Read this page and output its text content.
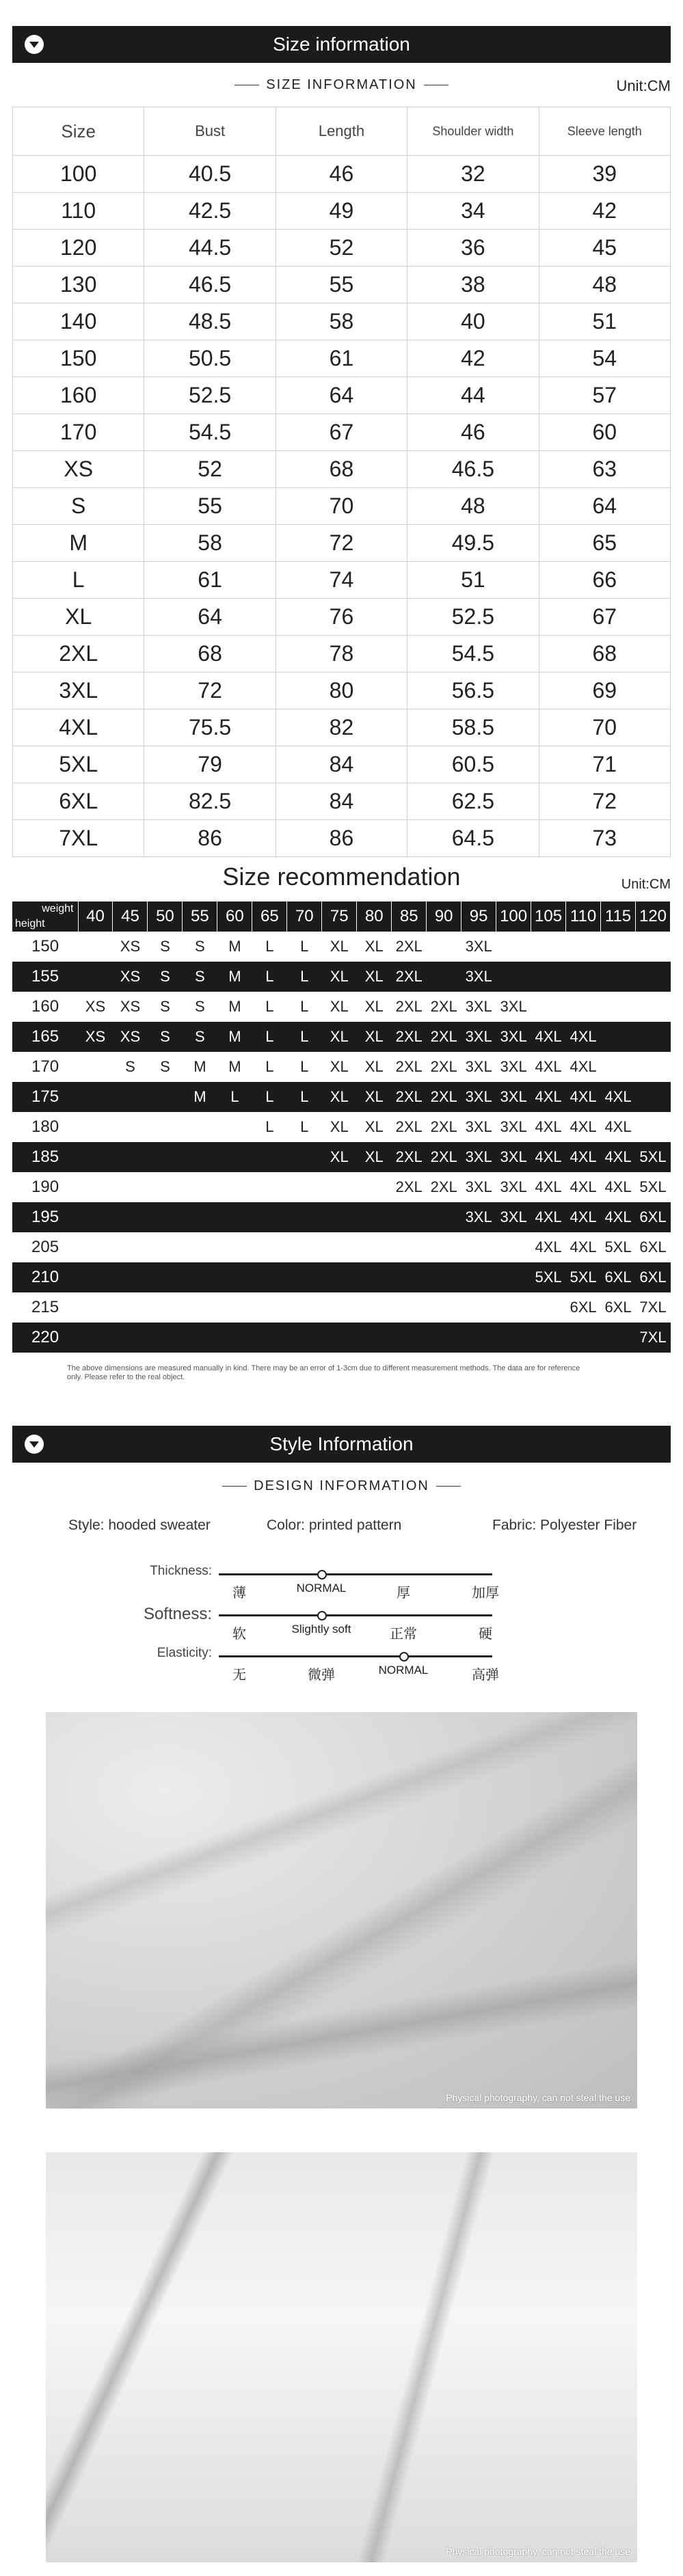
Size information
SIZE INFORMATION	Unit:CM
Size	Bust	Length	Shoulder width	Sleeve length
100	40.5	46	32	39
110	42.5	49	34	42
120	44.5	52	36	45
130	46.5	55	38	48
140	48.5	58	40	51
150	50.5	61	42	54
160	52.5	64	44	57
170	54.5	67	46	60
XS	52	68	46.5	63
S	55	70	48	64
M	58	72	49.5	65
L	61	74	51	66
XL	64	76	52.5	67
2XL	68	78	54.5	68
3XL	72	80	56.5	69
4XL	75.5	82	58.5	70
5XL	79	84	60.5	71
6XL	82.5	84	62.5	72
7XL	86	86	64.5	73
Size recommendation	Unit:CM
weight
height	40	45	50	55	60	65	70	75	80	85	90	95	100	105	110	115	120
150		XS	S	S	M	L	L	XL	XL	2XL		3XL					
155		XS	S	S	M	L	L	XL	XL	2XL		3XL					
160	XS	XS	S	S	M	L	L	XL	XL	2XL	2XL	3XL	3XL				
165	XS	XS	S	S	M	L	L	XL	XL	2XL	2XL	3XL	3XL	4XL	4XL		
170		S	S	M	M	L	L	XL	XL	2XL	2XL	3XL	3XL	4XL	4XL		
175				M	L	L	L	XL	XL	2XL	2XL	3XL	3XL	4XL	4XL	4XL	
180						L	L	XL	XL	2XL	2XL	3XL	3XL	4XL	4XL	4XL	
185								XL	XL	2XL	2XL	3XL	3XL	4XL	4XL	4XL	5XL
190										2XL	2XL	3XL	3XL	4XL	4XL	4XL	5XL
195												3XL	3XL	4XL	4XL	4XL	6XL
205														4XL	4XL	5XL	6XL
210														5XL	5XL	6XL	6XL
215															6XL	6XL	7XL
220																	7XL
The above dimensions are measured manually in kind. There may be an error of 1-3cm due to different measurement methods. The data are for reference only. Please refer to the real object.
Style Information
DESIGN INFORMATION
Style: hooded sweater	Color: printed pattern	Fabric: Polyester Fiber
Thickness:
薄	NORMAL	厚	加厚
Softness:
软	Slightly soft	正常	硬
Elasticity:
无	微弹	NORMAL	高弹
Physical photography, can not steal the use
Physical photography, can not steal the use
